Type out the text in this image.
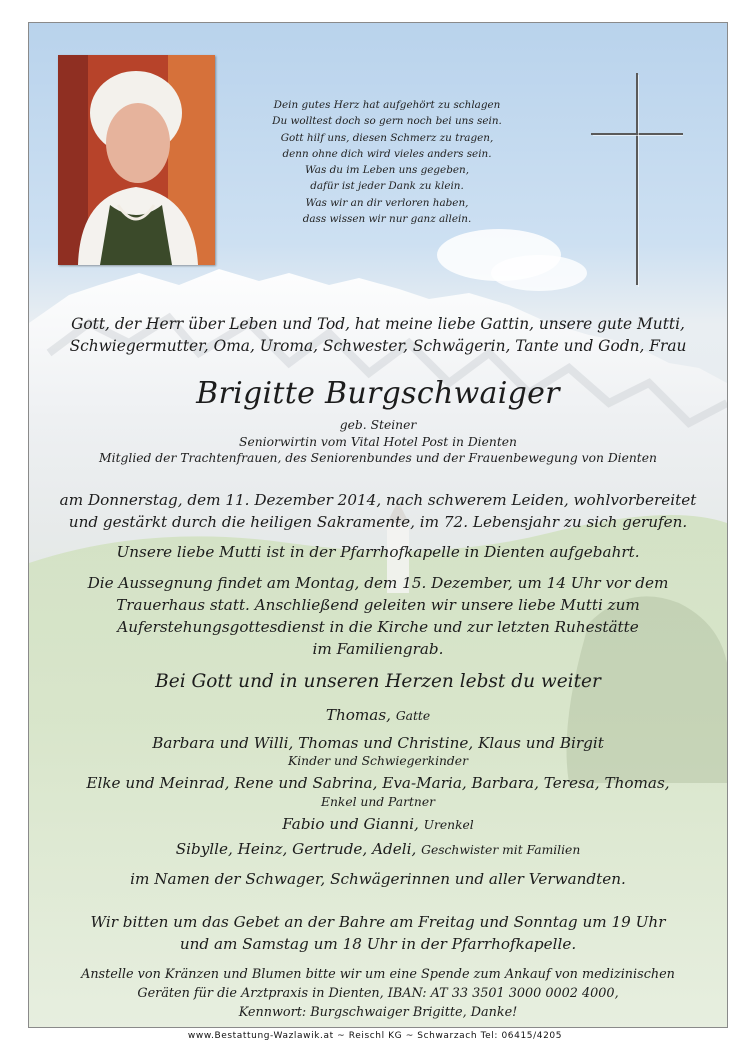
Dein gutes Herz hat aufgehört zu schlagen
Du wolltest doch so gern noch bei uns sein.
Gott hilf uns, diesen Schmerz zu tragen,
denn ohne dich wird vieles anders sein.
Was du im Leben uns gegeben,
dafür ist jeder Dank zu klein.
Was wir an dir verloren haben,
dass wissen wir nur ganz allein.
Gott, der Herr über Leben und Tod, hat meine liebe Gattin, unsere gute Mutti,
Schwiegermutter, Oma, Uroma, Schwester, Schwägerin, Tante und Godn, Frau
Brigitte Burgschwaiger
geb. Steiner
Seniorwirtin vom Vital Hotel Post in Dienten
Mitglied der Trachtenfrauen, des Seniorenbundes und der Frauenbewegung von Dienten
am Donnerstag, dem 11. Dezember 2014, nach schwerem Leiden, wohlvorbereitet
und gestärkt durch die heiligen Sakramente, im 72. Lebensjahr zu sich gerufen.
Unsere liebe Mutti ist in der Pfarrhofkapelle in Dienten aufgebahrt.
Die Aussegnung findet am Montag, dem 15. Dezember, um 14 Uhr vor dem
Trauerhaus statt. Anschließend geleiten wir unsere liebe Mutti zum
Auferstehungsgottesdienst in die Kirche und zur letzten Ruhestätte
im Familiengrab.
Bei Gott und in unseren Herzen lebst du weiter
Thomas, Gatte
Barbara und Willi, Thomas und Christine, Klaus und Birgit
Kinder und Schwiegerkinder
Elke und Meinrad, Rene und Sabrina, Eva-Maria, Barbara, Teresa, Thomas,
Enkel und Partner
Fabio und Gianni, Urenkel
Sibylle, Heinz, Gertrude, Adeli, Geschwister mit Familien
im Namen der Schwager, Schwägerinnen und aller Verwandten.
Wir bitten um das Gebet an der Bahre am Freitag und Sonntag um 19 Uhr
und am Samstag um 18 Uhr in der Pfarrhofkapelle.
Anstelle von Kränzen und Blumen bitte wir um eine Spende zum Ankauf von medizinischen
Geräten für die Arztpraxis in Dienten, IBAN: AT 33 3501 3000 0002 4000,
Kennwort: Burgschwaiger Brigitte, Danke!
www.Bestattung-Wazlawik.at ~ Reischl KG ~ Schwarzach Tel: 06415/4205
